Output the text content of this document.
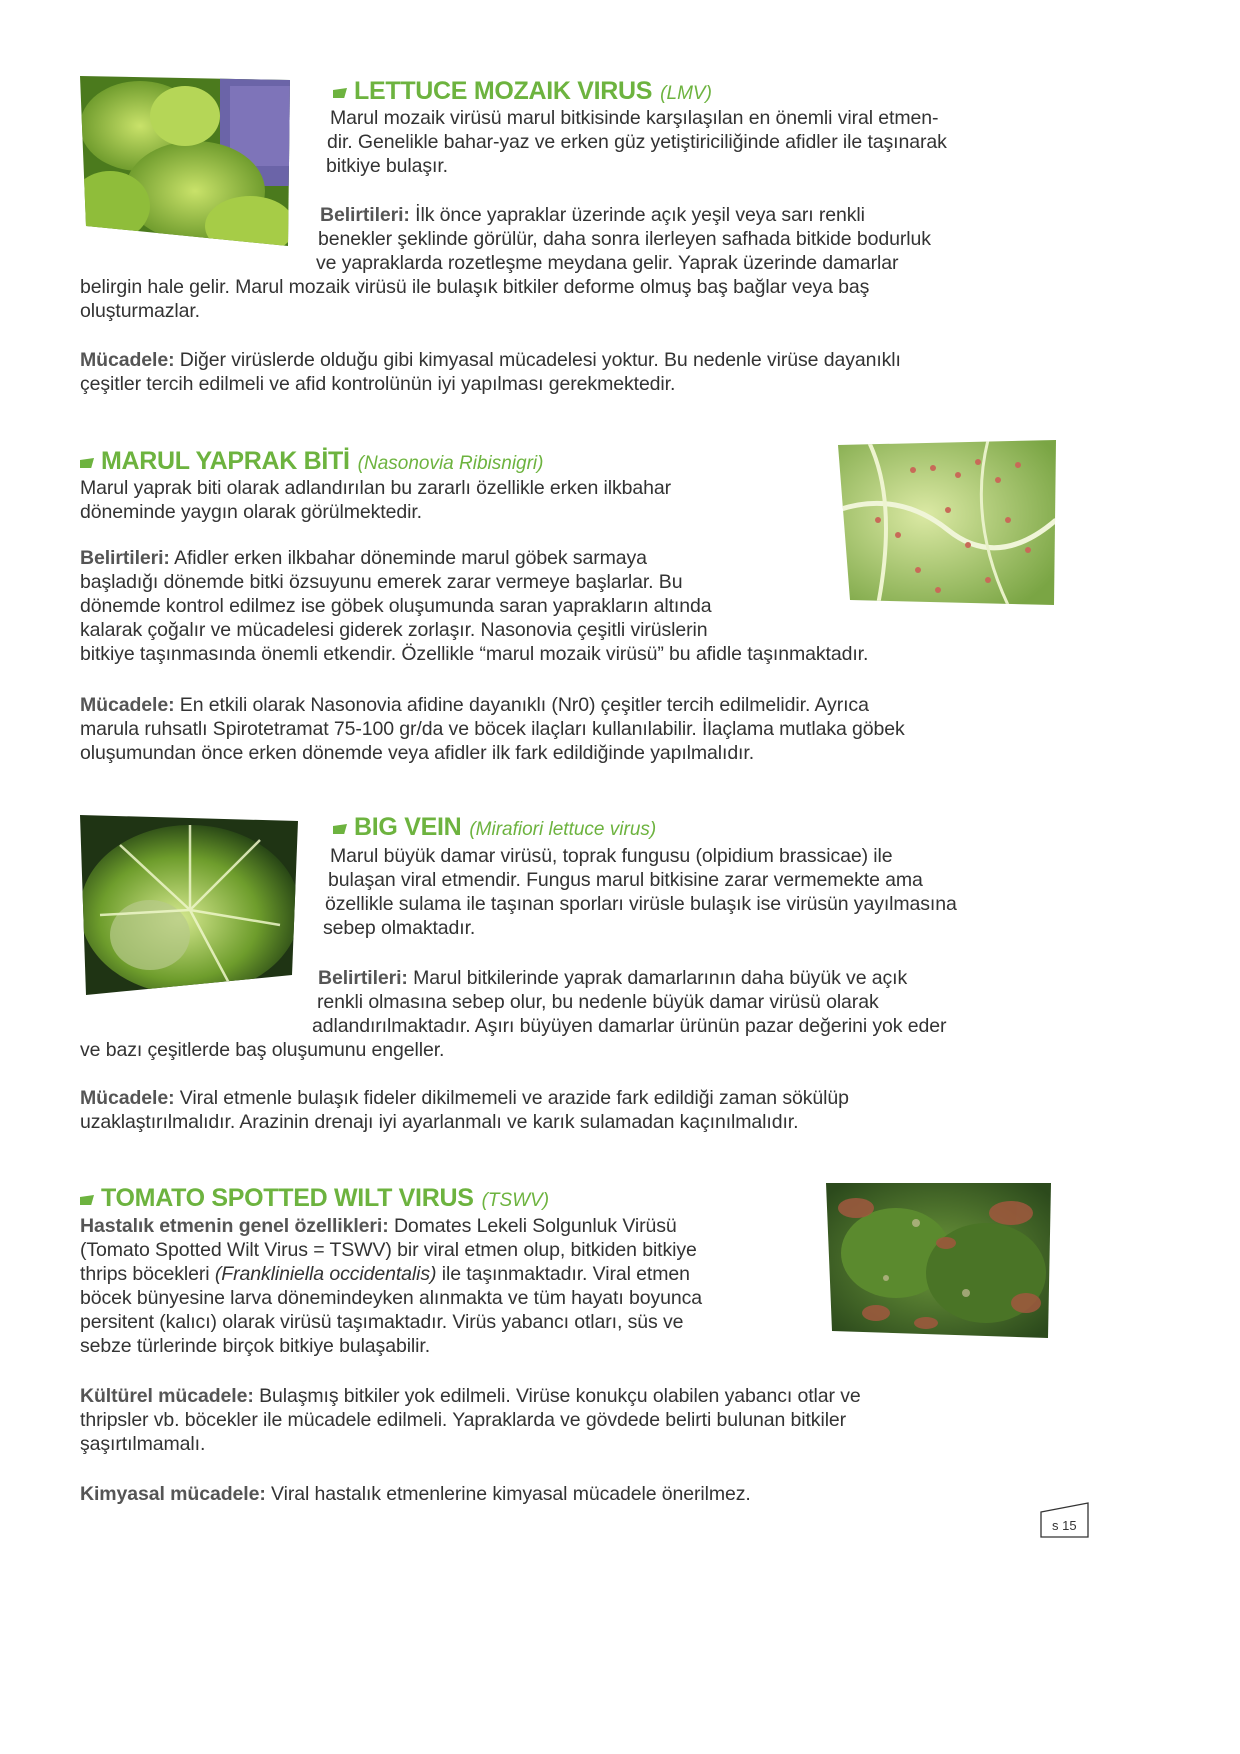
LETTUCE MOZAIK VIRUS (LMV)

Marul mozaik virüsü marul bitkisinde karşılaşılan en önemli viral etmen-
dir. Genelikle bahar-yaz ve erken güz yetiştiriciliğinde afidler ile taşınarak
bitkiye bulaşır.

Belirtileri: İlk önce yapraklar üzerinde açık yeşil veya sarı renkli
benekler şeklinde görülür, daha sonra ilerleyen safhada bitkide bodurluk
ve yapraklarda rozetleşme meydana gelir. Yaprak üzerinde damarlar
belirgin hale gelir. Marul mozaik virüsü ile bulaşık bitkiler deforme olmuş baş bağlar veya baş
oluşturmazlar.

Mücadele: Diğer virüslerde olduğu gibi kimyasal mücadelesi yoktur. Bu nedenle virüse dayanıklı
çeşitler tercih edilmeli ve afid kontrolünün iyi yapılması gerekmektedir.

MARUL YAPRAK BİTİ (Nasonovia Ribisnigri)

Marul yaprak biti olarak adlandırılan bu zararlı özellikle erken ilkbahar
döneminde yaygın olarak görülmektedir.

Belirtileri: Afidler erken ilkbahar döneminde marul göbek sarmaya
başladığı dönemde bitki özsuyunu emerek zarar vermeye başlarlar. Bu
dönemde kontrol edilmez ise göbek oluşumunda saran yaprakların altında
kalarak çoğalır ve mücadelesi giderek zorlaşır. Nasonovia çeşitli virüslerin
bitkiye taşınmasında önemli etkendir. Özellikle “marul mozaik virüsü” bu afidle taşınmaktadır.

Mücadele: En etkili olarak Nasonovia afidine dayanıklı (Nr0) çeşitler tercih edilmelidir. Ayrıca
marula ruhsatlı Spirotetramat 75-100 gr/da ve böcek ilaçları kullanılabilir. İlaçlama mutlaka göbek
oluşumundan önce erken dönemde veya afidler ilk fark edildiğinde yapılmalıdır.

BIG VEIN (Mirafiori lettuce virus)

Marul büyük damar virüsü, toprak fungusu (olpidium brassicae) ile
bulaşan viral etmendir. Fungus marul bitkisine zarar vermemekte ama
özellikle sulama ile taşınan sporları virüsle bulaşık ise virüsün yayılmasına
sebep olmaktadır.

Belirtileri: Marul bitkilerinde yaprak damarlarının daha büyük ve açık
renkli olmasına sebep olur, bu nedenle büyük damar virüsü olarak
adlandırılmaktadır. Aşırı büyüyen damarlar ürünün pazar değerini yok eder
ve bazı çeşitlerde baş oluşumunu engeller.

Mücadele: Viral etmenle bulaşık fideler dikilmemeli ve arazide fark edildiği zaman sökülüp
uzaklaştırılmalıdır. Arazinin drenajı iyi ayarlanmalı ve karık sulamadan kaçınılmalıdır.

TOMATO SPOTTED WILT VIRUS (TSWV)

Hastalık etmenin genel özellikleri: Domates Lekeli Solgunluk Virüsü
(Tomato Spotted Wilt Virus = TSWV) bir viral etmen olup, bitkiden bitkiye
thrips böcekleri (Frankliniella occidentalis) ile taşınmaktadır. Viral etmen
böcek bünyesine larva dönemindeyken alınmakta ve tüm hayatı boyunca
persitent (kalıcı) olarak virüsü taşımaktadır. Virüs yabancı otları, süs ve
sebze türlerinde birçok bitkiye bulaşabilir.

Kültürel mücadele: Bulaşmış bitkiler yok edilmeli. Virüse konukçu olabilen yabancı otlar ve
thripsler vb. böcekler ile mücadele edilmeli. Yapraklarda ve gövdede belirti bulunan bitkiler
şaşırtılmamalı.

Kimyasal mücadele: Viral hastalık etmenlerine kimyasal mücadele önerilmez.

s 15
